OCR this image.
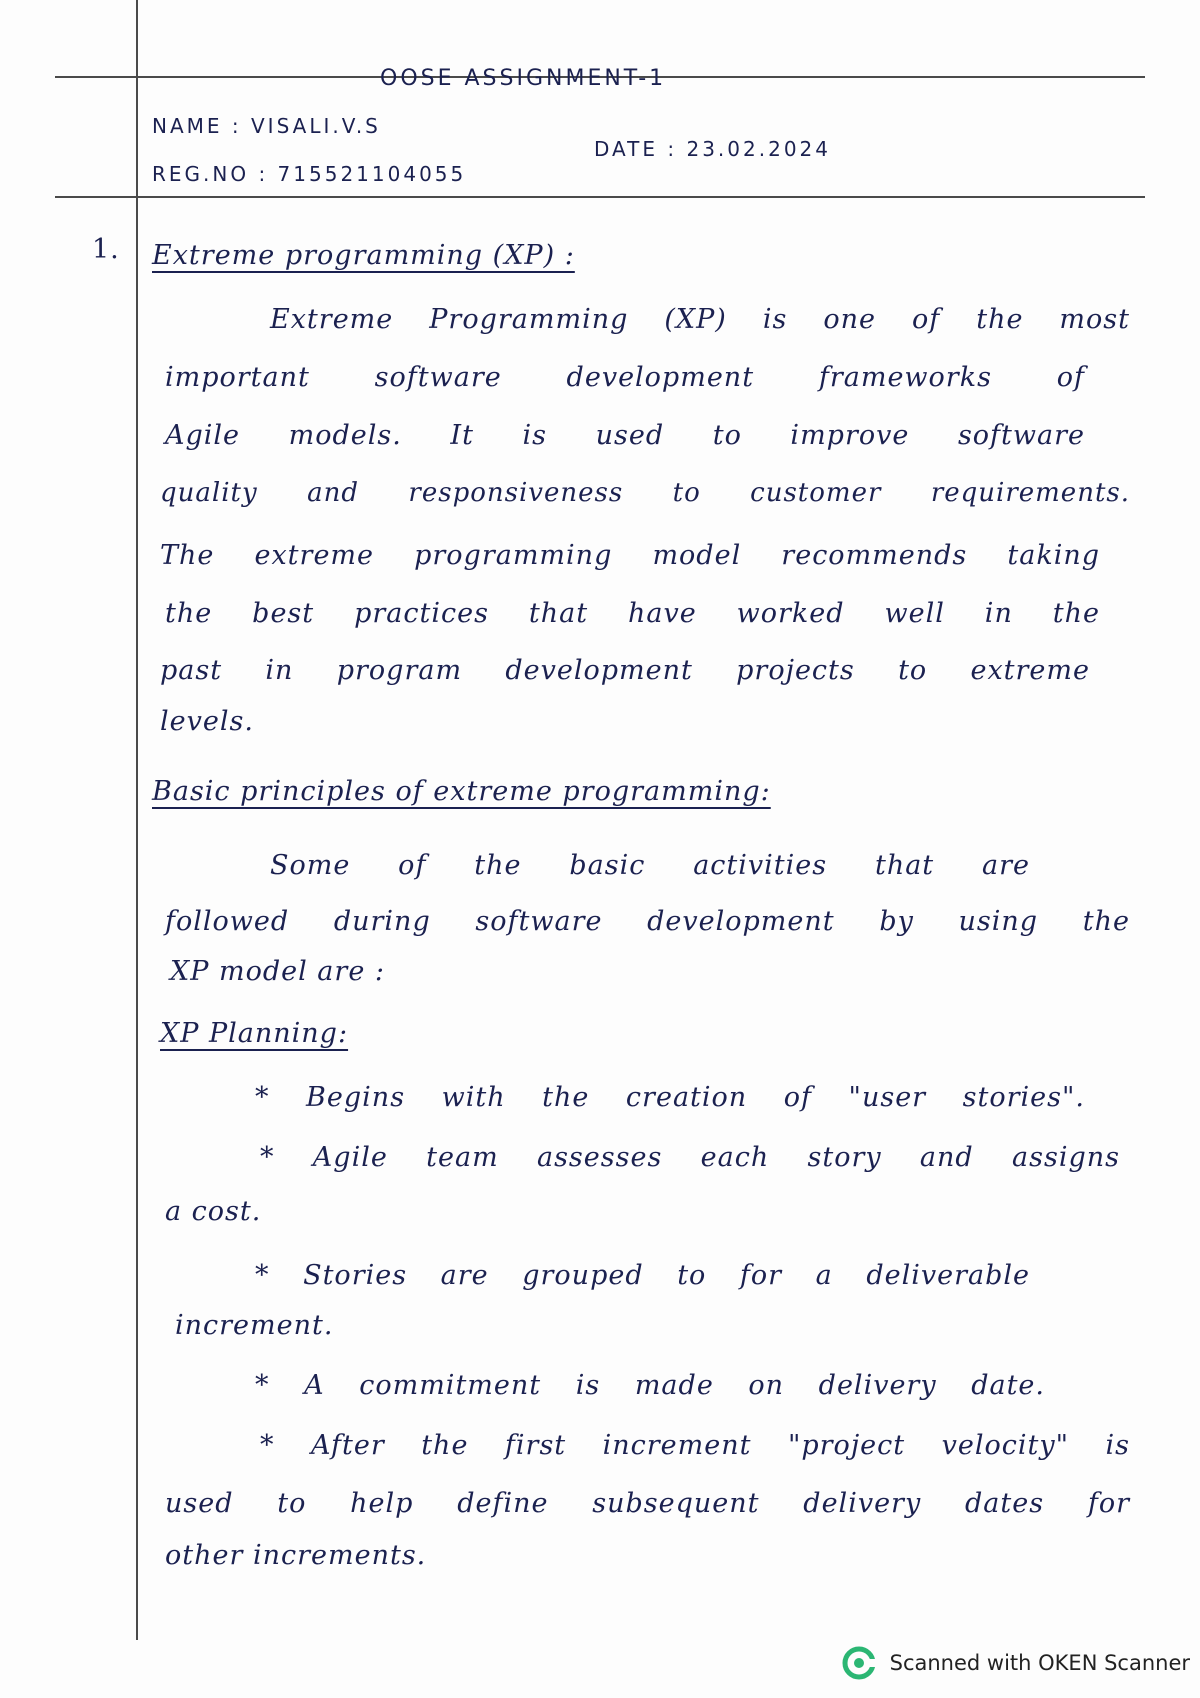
OOSE ASSIGNMENT-1
NAME : VISALI.V.S
DATE : 23.02.2024
REG.NO : 715521104055
1. Extreme programming (XP) :
Extreme Programming (XP) is one of the most
important software development frameworks of
Agile models. It is used to improve software
quality and responsiveness to customer requirements.
The extreme programming model recommends taking
the best practices that have worked well in the
past in program development projects to extreme
levels.
Basic principles of extreme programming:
Some of the basic activities that are
followed during software development by using the
XP model are :
XP Planning:
* Begins with the creation of "user stories".
* Agile team assesses each story and assigns
a cost.
* Stories are grouped to for a deliverable
increment.
* A commitment is made on delivery date.
* After the first increment "project velocity" is
used to help define subsequent delivery dates for
other increments.
Scanned with OKEN Scanner
